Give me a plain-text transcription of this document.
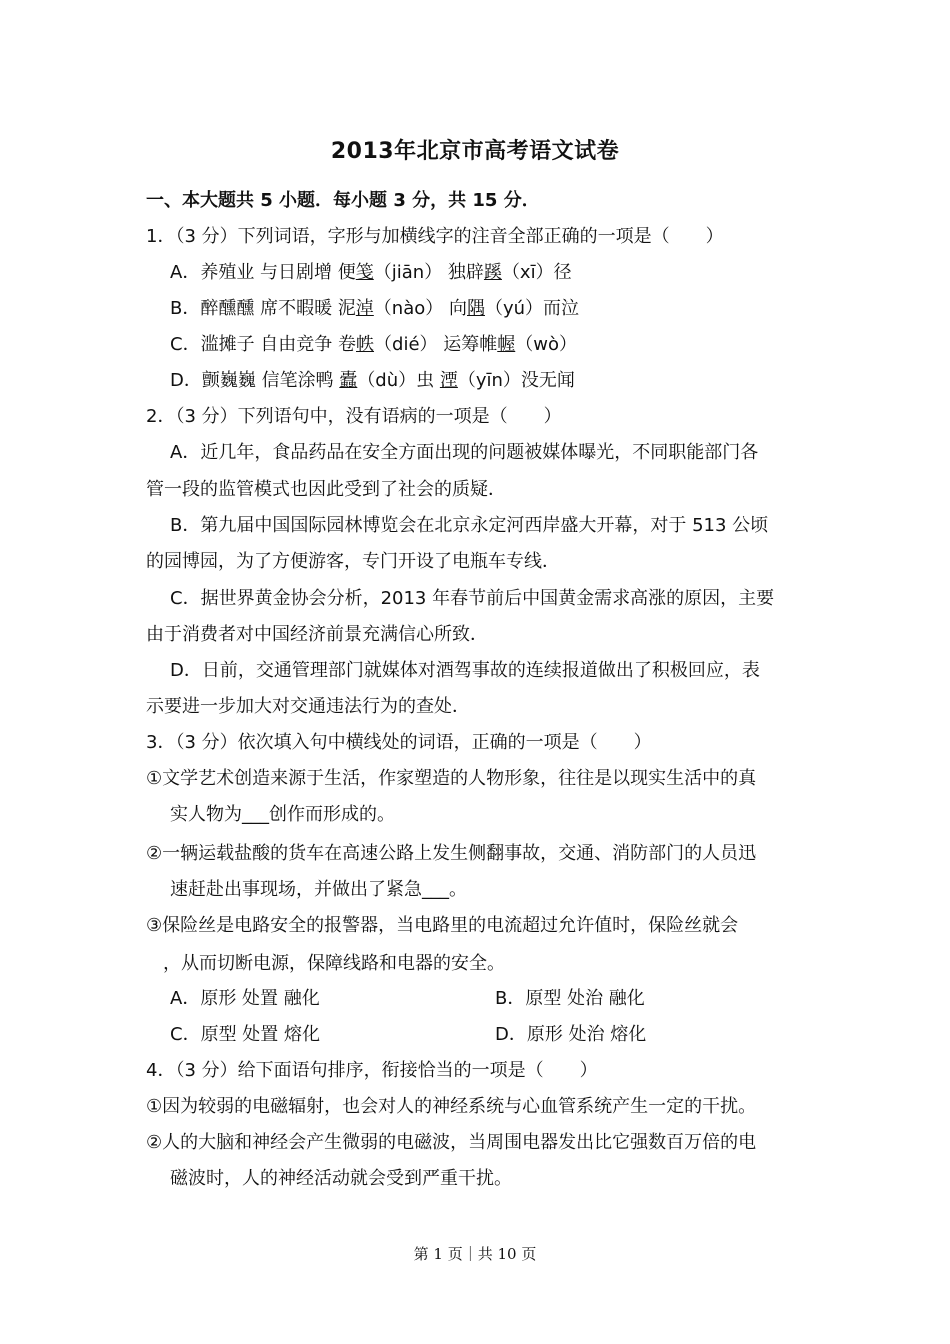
2013年北京市高考语文试卷
一、本大题共 5 小题．每小题 3 分，共 15 分．
1．（3 分）下列词语，字形与加横线字的注音全部正确的一项是（　　）
A．养殖业 与日剧增 便笺（jiān） 独辟蹊（xī）径
B．醉醺醺 席不暇暖 泥淖（nào） 向隅（yú）而泣
C．滥摊子 自由竞争 卷帙（dié） 运筹帷幄（wò）
D．颤巍巍 信笔涂鸭 蠹（dù）虫 湮（yīn）没无闻
2．（3 分）下列语句中，没有语病的一项是（　　）
A．近几年，食品药品在安全方面出现的问题被媒体曝光，不同职能部门各
管一段的监管模式也因此受到了社会的质疑．
B．第九届中国国际园林博览会在北京永定河西岸盛大开幕，对于 513 公顷
的园博园，为了方便游客，专门开设了电瓶车专线．
C．据世界黄金协会分析，2013 年春节前后中国黄金需求高涨的原因，主要
由于消费者对中国经济前景充满信心所致．
D．日前，交通管理部门就媒体对酒驾事故的连续报道做出了积极回应，表
示要进一步加大对交通违法行为的查处．
3．（3 分）依次填入句中横线处的词语，正确的一项是（　　）
①文学艺术创造来源于生活，作家塑造的人物形象，往往是以现实生活中的真
实人物为___创作而形成的。
②一辆运载盐酸的货车在高速公路上发生侧翻事故，交通、消防部门的人员迅
速赶赴出事现场，并做出了紧急___。
③保险丝是电路安全的报警器，当电路里的电流超过允许值时，保险丝就会
，从而切断电源，保障线路和电器的安全。
A．原形 处置 融化	B．原型 处治 融化
C．原型 处置 熔化	D．原形 处治 熔化
4．（3 分）给下面语句排序，衔接恰当的一项是（　　）
①因为较弱的电磁辐射，也会对人的神经系统与心血管系统产生一定的干扰。
②人的大脑和神经会产生微弱的电磁波，当周围电器发出比它强数百万倍的电
磁波时，人的神经活动就会受到严重干扰。
第 1 页｜共 10 页
